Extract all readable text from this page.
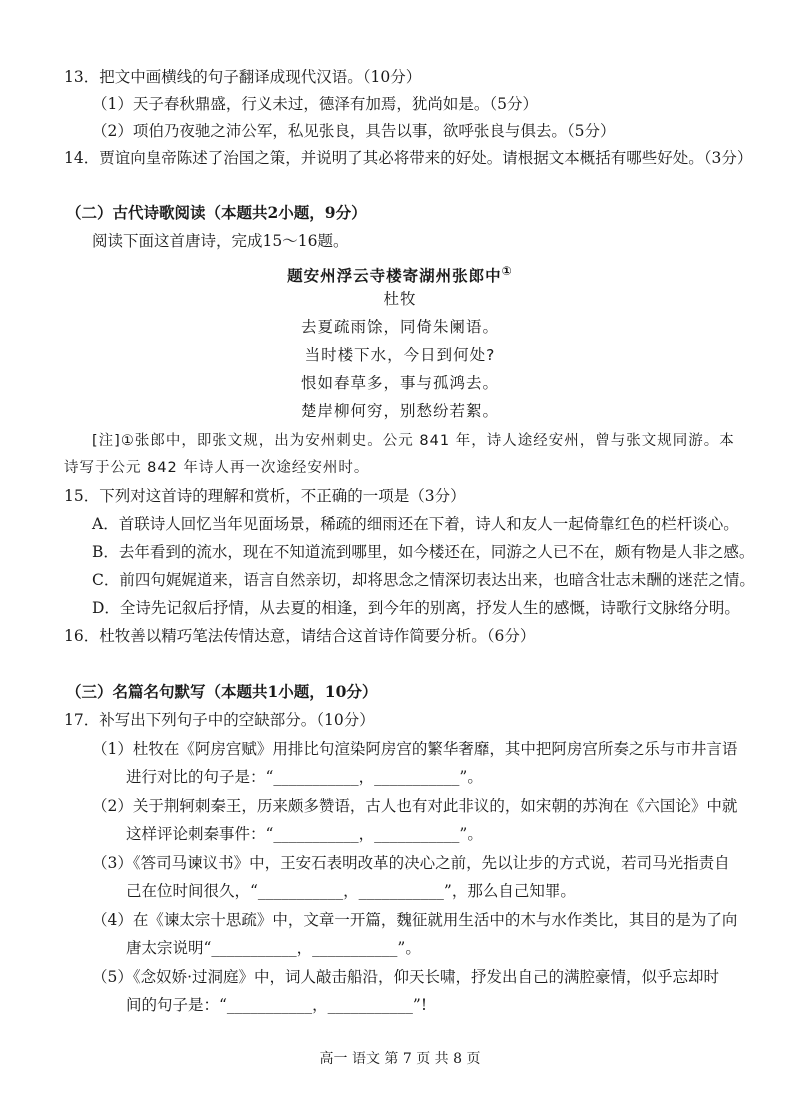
13．把文中画横线的句子翻译成现代汉语。（10分）
（1）天子春秋鼎盛，行义未过，德泽有加焉，犹尚如是。（5分）
（2）项伯乃夜驰之沛公军，私见张良，具告以事，欲呼张良与俱去。（5分）
14．贾谊向皇帝陈述了治国之策，并说明了其必将带来的好处。请根据文本概括有哪些好处。（3分）
（二）古代诗歌阅读（本题共2小题，9分）
阅读下面这首唐诗，完成15～16题。
题安州浮云寺楼寄湖州张郎中①
杜牧
去夏疏雨馀，同倚朱阑语。
当时楼下水，今日到何处?
恨如春草多，事与孤鸿去。
楚岸柳何穷，别愁纷若絮。
[注]①张郎中，即张文规，出为安州刺史。公元 841 年，诗人途经安州，曾与张文规同游。本
诗写于公元 842 年诗人再一次途经安州时。
15．下列对这首诗的理解和赏析，不正确的一项是（3分）
A．首联诗人回忆当年见面场景，稀疏的细雨还在下着，诗人和友人一起倚靠红色的栏杆谈心。
B．去年看到的流水，现在不知道流到哪里，如今楼还在，同游之人已不在，颇有物是人非之感。
C．前四句娓娓道来，语言自然亲切，却将思念之情深切表达出来，也暗含壮志未酬的迷茫之情。
D．全诗先记叙后抒情，从去夏的相逢，到今年的别离，抒发人生的感慨，诗歌行文脉络分明。
16．杜牧善以精巧笔法传情达意，请结合这首诗作简要分析。（6分）
（三）名篇名句默写（本题共1小题，10分）
17．补写出下列句子中的空缺部分。（10分）
（1）杜牧在《阿房宫赋》用排比句渲染阿房宫的繁华奢靡，其中把阿房宫所奏之乐与市井言语
进行对比的句子是：“___________，___________”。
（2）关于荆轲刺秦王，历来颇多赞语，古人也有对此非议的，如宋朝的苏洵在《六国论》中就
这样评论刺秦事件：“___________，___________”。
（3）《答司马谏议书》中，王安石表明改革的决心之前，先以让步的方式说，若司马光指责自
己在位时间很久，“___________，___________”，那么自己知罪。
（4）在《谏太宗十思疏》中，文章一开篇，魏征就用生活中的木与水作类比，其目的是为了向
唐太宗说明“___________，___________”。
（5）《念奴娇·过洞庭》中，词人敲击船沿，仰天长啸，抒发出自己的满腔豪情，似乎忘却时
间的句子是：“___________，___________”!
高一 语文 第 7 页 共 8 页
